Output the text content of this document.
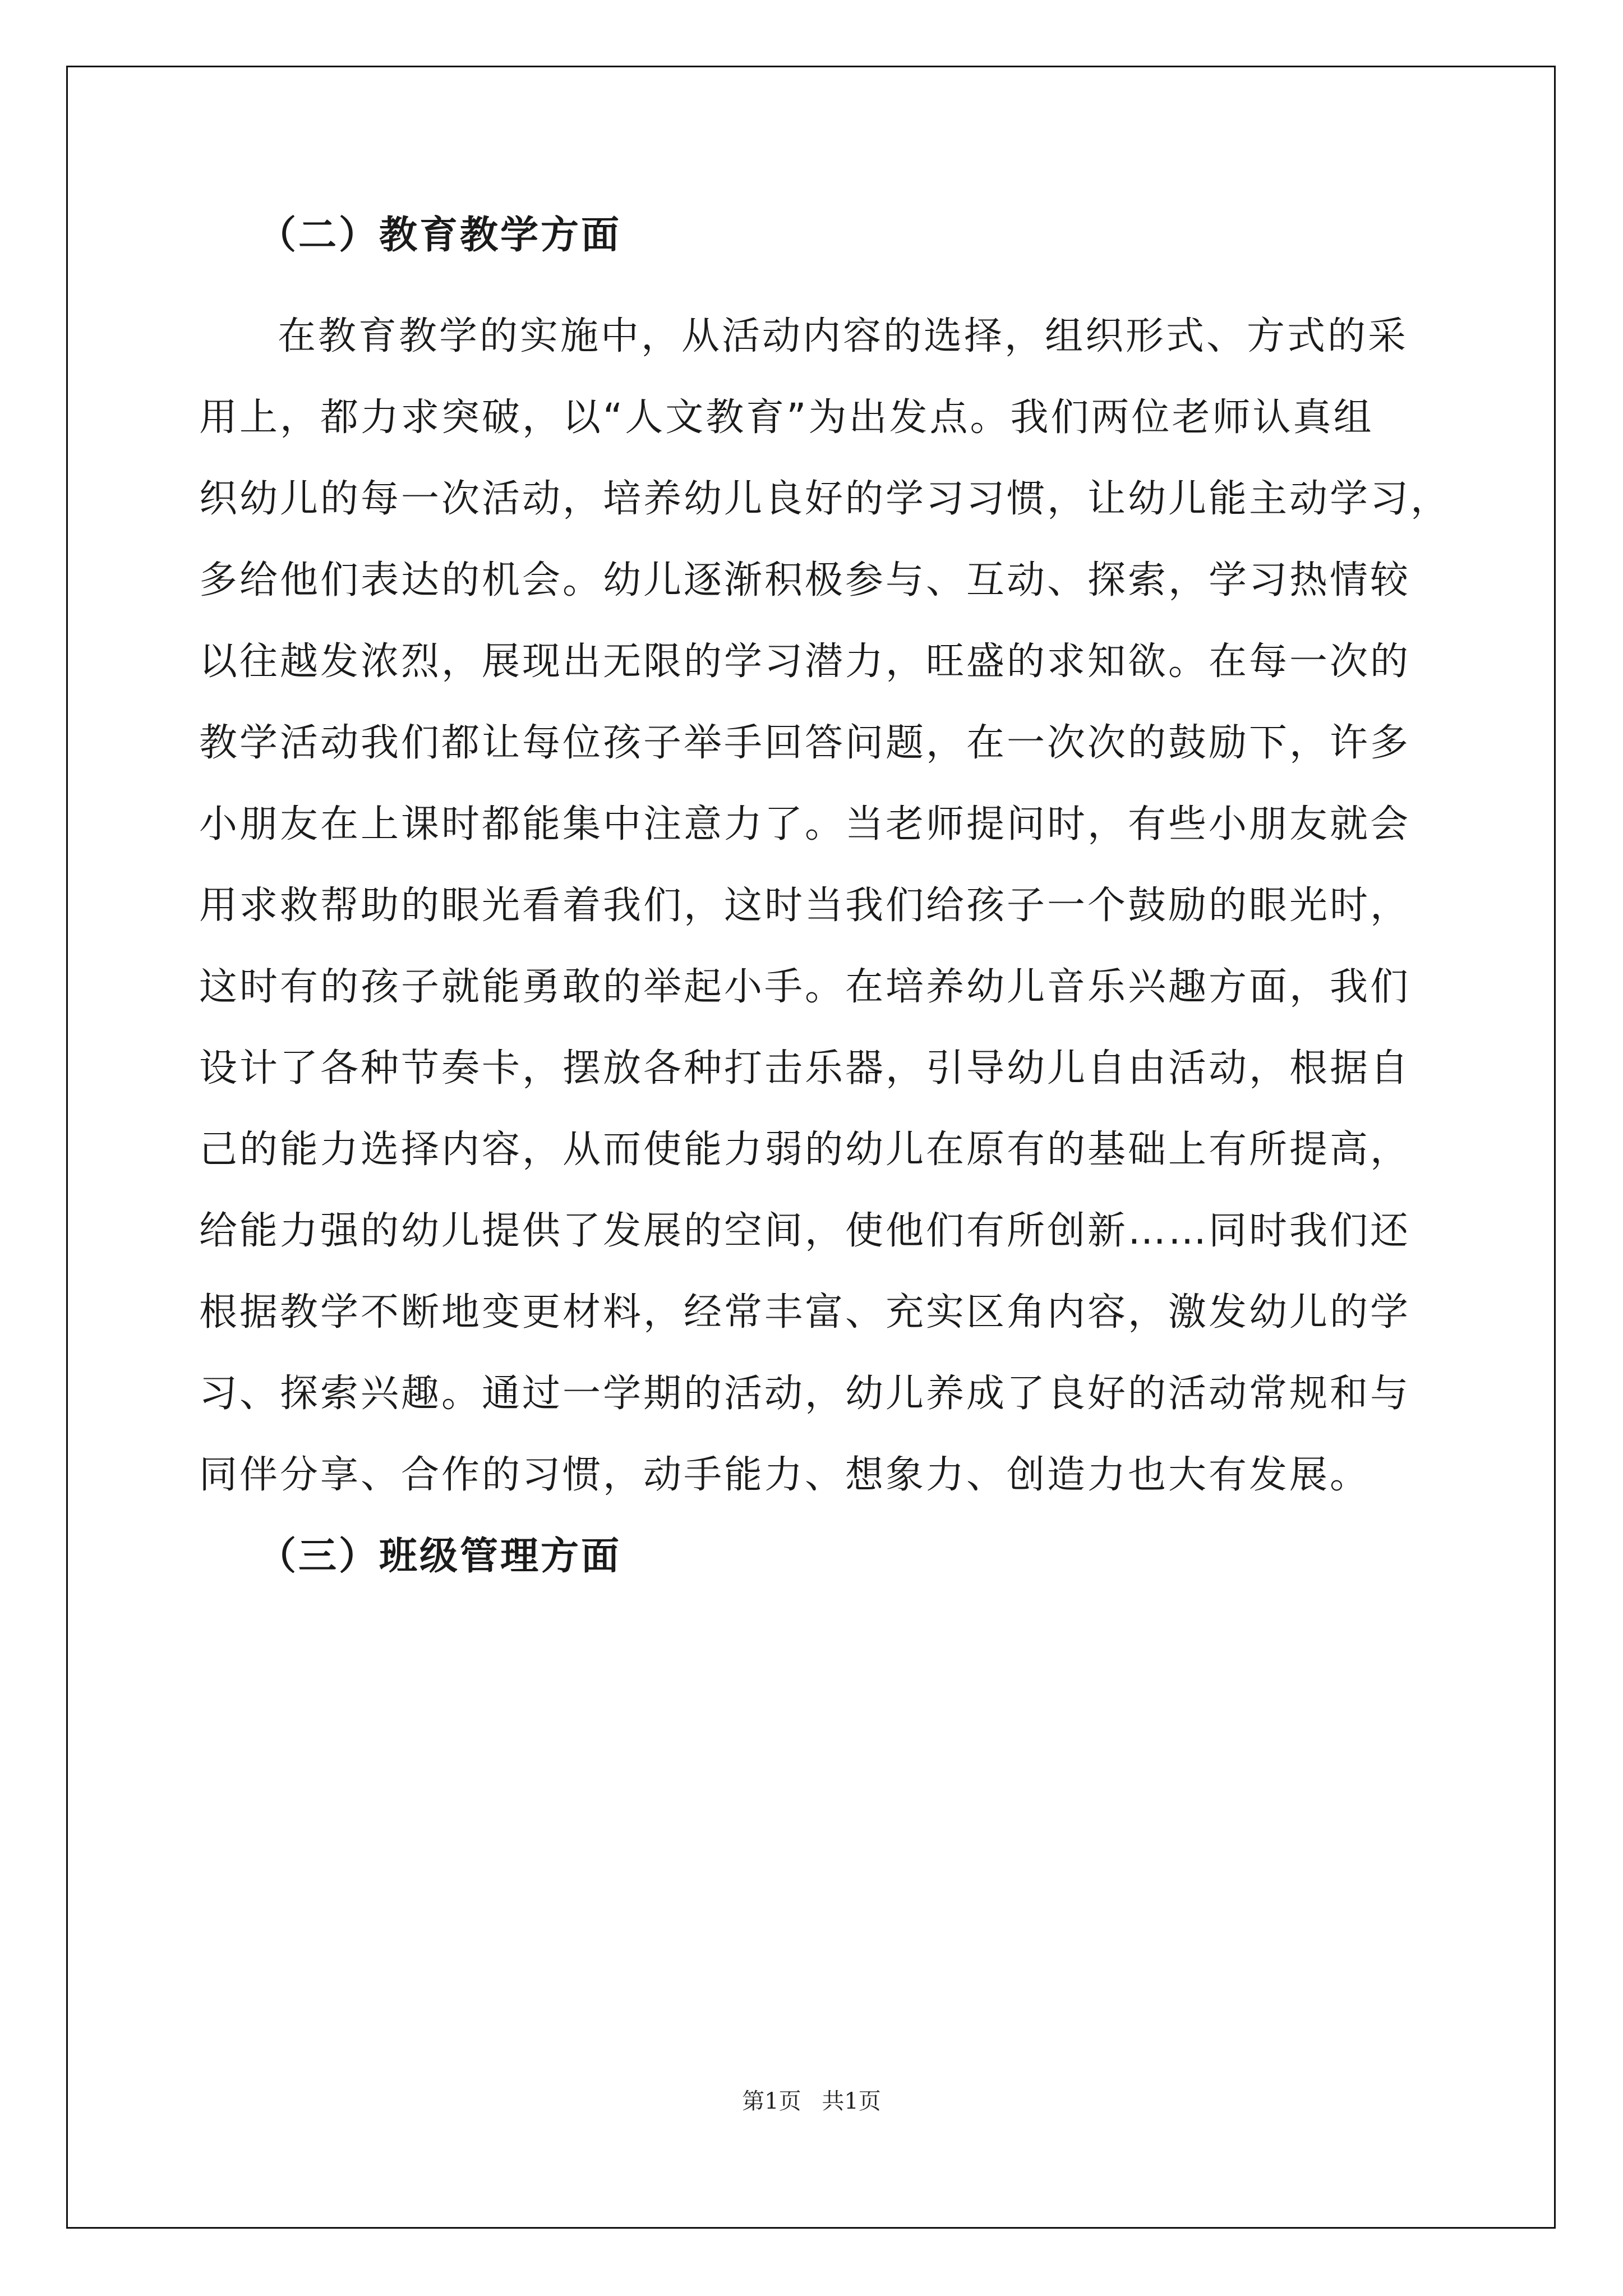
（二）教育教学方面

在教育教学的实施中，从活动内容的选择，组织形式、方式的采
用上，都力求突破，以“人文教育”为出发点。我们两位老师认真组
织幼儿的每一次活动，培养幼儿良好的学习习惯，让幼儿能主动学习，
多给他们表达的机会。幼儿逐渐积极参与、互动、探索，学习热情较
以往越发浓烈，展现出无限的学习潜力，旺盛的求知欲。在每一次的
教学活动我们都让每位孩子举手回答问题，在一次次的鼓励下，许多
小朋友在上课时都能集中注意力了。当老师提问时，有些小朋友就会
用求救帮助的眼光看着我们，这时当我们给孩子一个鼓励的眼光时，
这时有的孩子就能勇敢的举起小手。在培养幼儿音乐兴趣方面，我们
设计了各种节奏卡，摆放各种打击乐器，引导幼儿自由活动，根据自
己的能力选择内容，从而使能力弱的幼儿在原有的基础上有所提高，
给能力强的幼儿提供了发展的空间，使他们有所创新……同时我们还
根据教学不断地变更材料，经常丰富、充实区角内容，激发幼儿的学
习、探索兴趣。通过一学期的活动，幼儿养成了良好的活动常规和与
同伴分享、合作的习惯，动手能力、想象力、创造力也大有发展。

（三）班级管理方面
第1页 共1页
